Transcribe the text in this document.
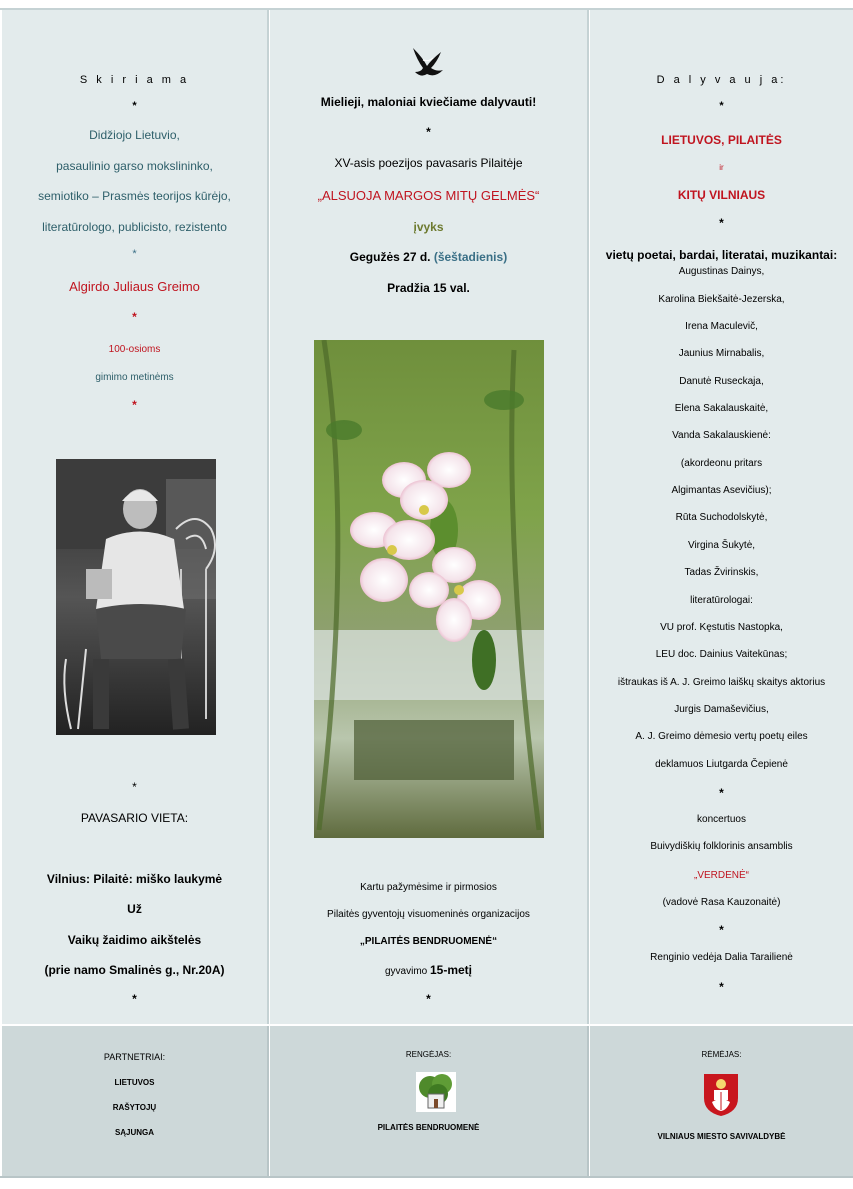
S k i r i a m a
*
Didžiojo Lietuvio,
pasaulinio garso mokslininko,
semiotiko – Prasmės teorijos kūrėjo,
literatūrologo, publicisto, rezistento
*
Algirdo Juliaus Greimo
*
100-osioms
gimimo metinėms
*
*
PAVASARIO VIETA:
Vilnius: Pilaitė: miško laukymė
Už
Vaikų žaidimo aikštelės
(prie namo Smalinės g., Nr.20A)
*
Mielieji, maloniai kviečiame dalyvauti!
*
XV-asis poezijos pavasaris Pilaitėje
„ALSUOJA MARGOS MITŲ GELMĖS“
įvyks
Gegužės 27 d. (šeštadienis)
Pradžia 15 val.
Kartu pažymėsime ir pirmosios
Pilaitės gyventojų visuomeninės organizacijos
„PILAITĖS BENDRUOMENĖ“
gyvavimo 15-metį
*
D a l y v a u j a:
*
LIETUVOS, PILAITĖS
ir
KITŲ VILNIAUS
*
vietų poetai, bardai, literatai, muzikantai:
Augustinas Dainys,
Karolina Biekšaitė-Jezerska,
Irena Maculevič,
Jaunius Mirnabalis,
Danutė Ruseckaja,
Elena Sakalauskaitė,
Vanda Sakalauskienė:
(akordeonu pritars
Algimantas Asevičius);
Rūta Suchodolskytė,
Virgina Šukytė,
Tadas Žvirinskis,
literatūrologai:
VU prof. Kęstutis Nastopka,
LEU doc. Dainius Vaitekūnas;
ištraukas iš A. J. Greimo laiškų skaitys aktorius
Jurgis Damaševičius,
A. J. Greimo dėmesio vertų poetų eiles
deklamuos Liutgarda Čepienė
*
koncertuos
Buivydiškių folklorinis ansamblis
„VERDENĖ“
(vadovė Rasa Kauzonaitė)
*
Renginio vedėja Dalia Tarailienė
*
PARTNETRIAI:
LIETUVOS
RAŠYTOJŲ
SĄJUNGA
RENGĖJAS:
PILAITĖS BENDRUOMENĖ
RĖMĖJAS:
VILNIAUS MIESTO SAVIVALDYBĖ
